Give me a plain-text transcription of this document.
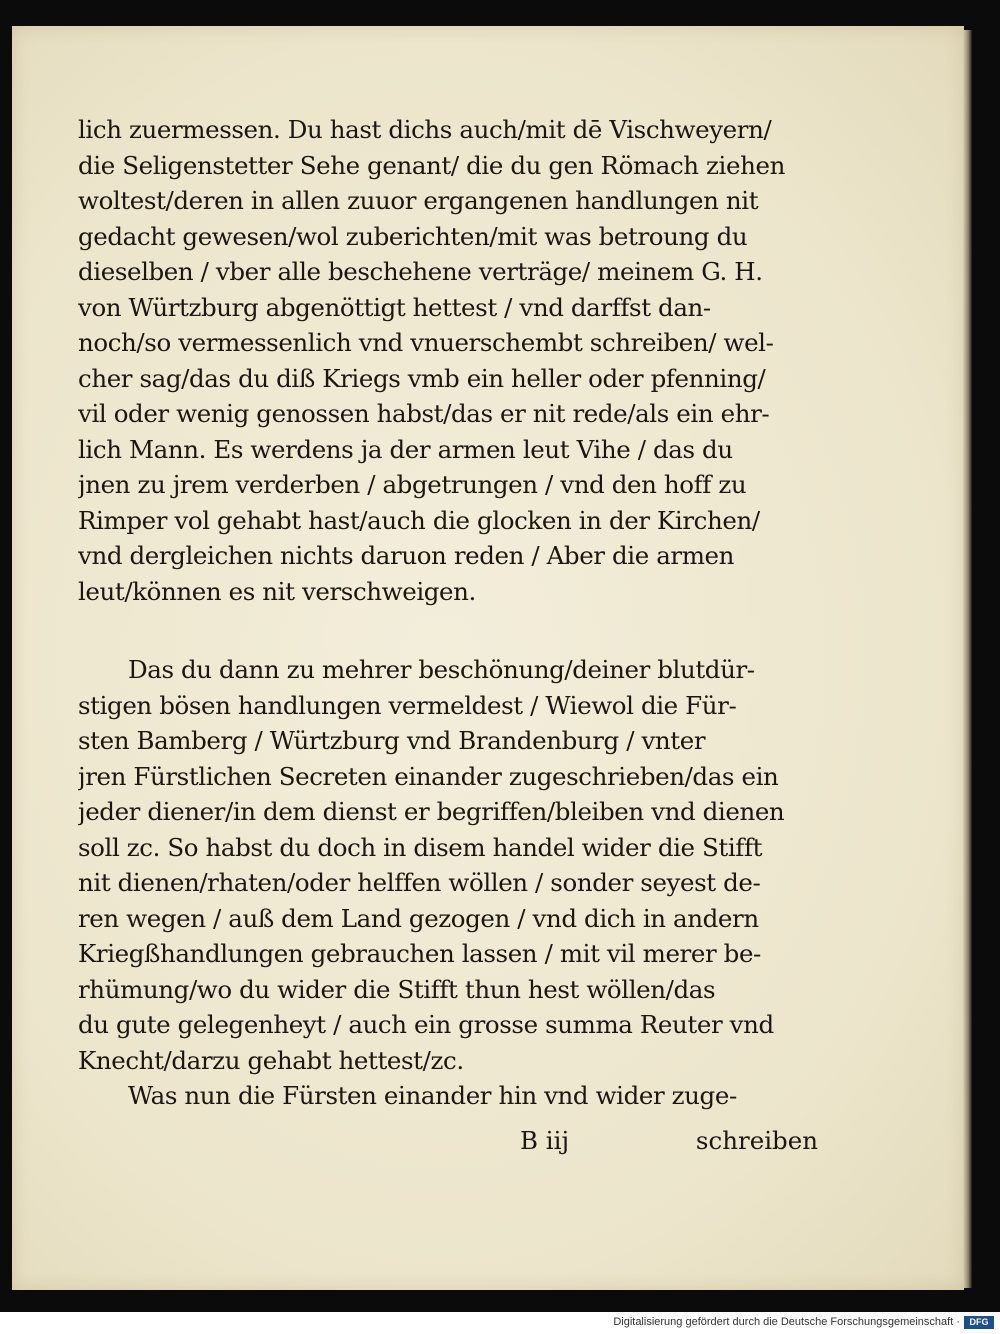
lich zuermessen. Du hast dichs auch/mit dē Vischweyern/
die Seligenstetter Sehe genant/ die du gen Römach ziehen
woltest/deren in allen zuuor ergangenen handlungen nit
gedacht gewesen/wol zuberichten/mit was betroung du
dieselben / vber alle beschehene verträge/ meinem G. H.
von Würtzburg abgenöttigt hettest / vnd darffst dan-
noch/so vermessenlich vnd vnuerschembt schreiben/ wel-
cher sag/das du diß Kriegs vmb ein heller oder pfenning/
vil oder wenig genossen habst/das er nit rede/als ein ehr-
lich Mann. Es werdens ja der armen leut Vihe / das du
jnen zu jrem verderben / abgetrungen / vnd den hoff zu
Rimper vol gehabt hast/auch die glocken in der Kirchen/
vnd dergleichen nichts daruon reden / Aber die armen
leut/können es nit verschweigen.
Das du dann zu mehrer beschönung/deiner blutdür-
stigen bösen handlungen vermeldest / Wiewol die Für-
sten Bamberg / Würtzburg vnd Brandenburg / vnter
jren Fürstlichen Secreten einander zugeschrieben/das ein
jeder diener/in dem dienst er begriffen/bleiben vnd dienen
soll zc. So habst du doch in disem handel wider die Stifft
nit dienen/rhaten/oder helffen wöllen / sonder seyest de-
ren wegen / auß dem Land gezogen / vnd dich in andern
Kriegßhandlungen gebrauchen lassen / mit vil merer be-
rhümung/wo du wider die Stifft thun hest wöllen/das
du gute gelegenheyt / auch ein grosse summa Reuter vnd
Knecht/darzu gehabt hettest/zc.
Was nun die Fürsten einander hin vnd wider zuge-
B iij	schreiben
Digitalisierung gefördert durch die Deutsche Forschungsgemeinschaft ·	DFG
